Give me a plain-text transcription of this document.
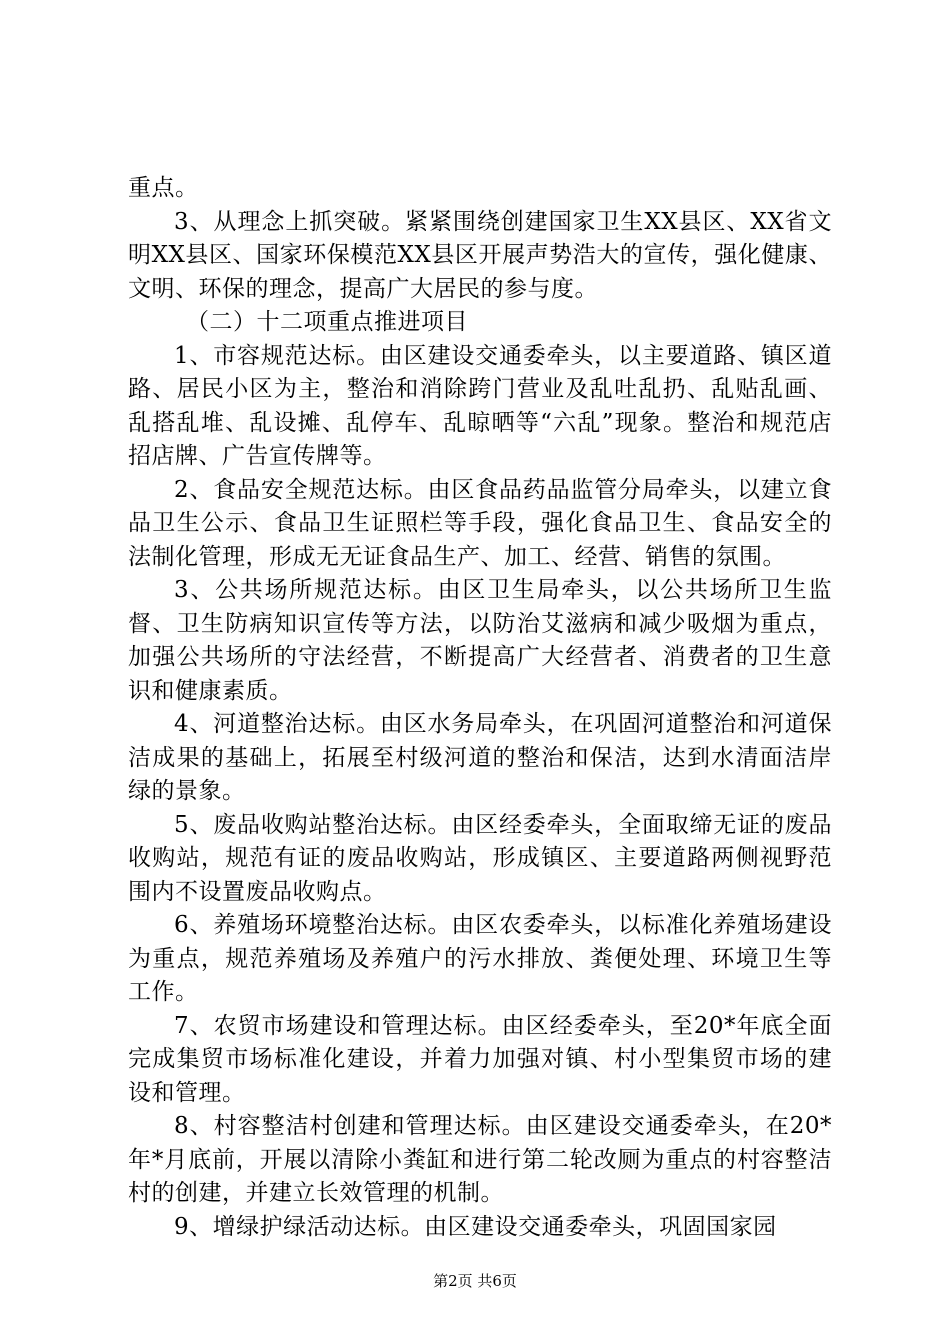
重点。

3、从理念上抓突破。紧紧围绕创建国家卫生XX县区、XX省文明XX县区、国家环保模范XX县区开展声势浩大的宣传，强化健康、文明、环保的理念，提高广大居民的参与度。

（二）十二项重点推进项目

1、市容规范达标。由区建设交通委牵头，以主要道路、镇区道路、居民小区为主，整治和消除跨门营业及乱吐乱扔、乱贴乱画、乱搭乱堆、乱设摊、乱停车、乱晾晒等“六乱”现象。整治和规范店招店牌、广告宣传牌等。

2、食品安全规范达标。由区食品药品监管分局牵头，以建立食品卫生公示、食品卫生证照栏等手段，强化食品卫生、食品安全的法制化管理，形成无无证食品生产、加工、经营、销售的氛围。

3、公共场所规范达标。由区卫生局牵头，以公共场所卫生监督、卫生防病知识宣传等方法，以防治艾滋病和减少吸烟为重点，加强公共场所的守法经营，不断提高广大经营者、消费者的卫生意识和健康素质。

4、河道整治达标。由区水务局牵头，在巩固河道整治和河道保洁成果的基础上，拓展至村级河道的整治和保洁，达到水清面洁岸绿的景象。

5、废品收购站整治达标。由区经委牵头，全面取缔无证的废品收购站，规范有证的废品收购站，形成镇区、主要道路两侧视野范围内不设置废品收购点。

6、养殖场环境整治达标。由区农委牵头，以标准化养殖场建设为重点，规范养殖场及养殖户的污水排放、粪便处理、环境卫生等工作。

7、农贸市场建设和管理达标。由区经委牵头，至20*年底全面完成集贸市场标准化建设，并着力加强对镇、村小型集贸市场的建设和管理。

8、村容整洁村创建和管理达标。由区建设交通委牵头，在20*年*月底前，开展以清除小粪缸和进行第二轮改厕为重点的村容整洁村的创建，并建立长效管理的机制。

9、增绿护绿活动达标。由区建设交通委牵头，巩固国家园

第2页 共6页
